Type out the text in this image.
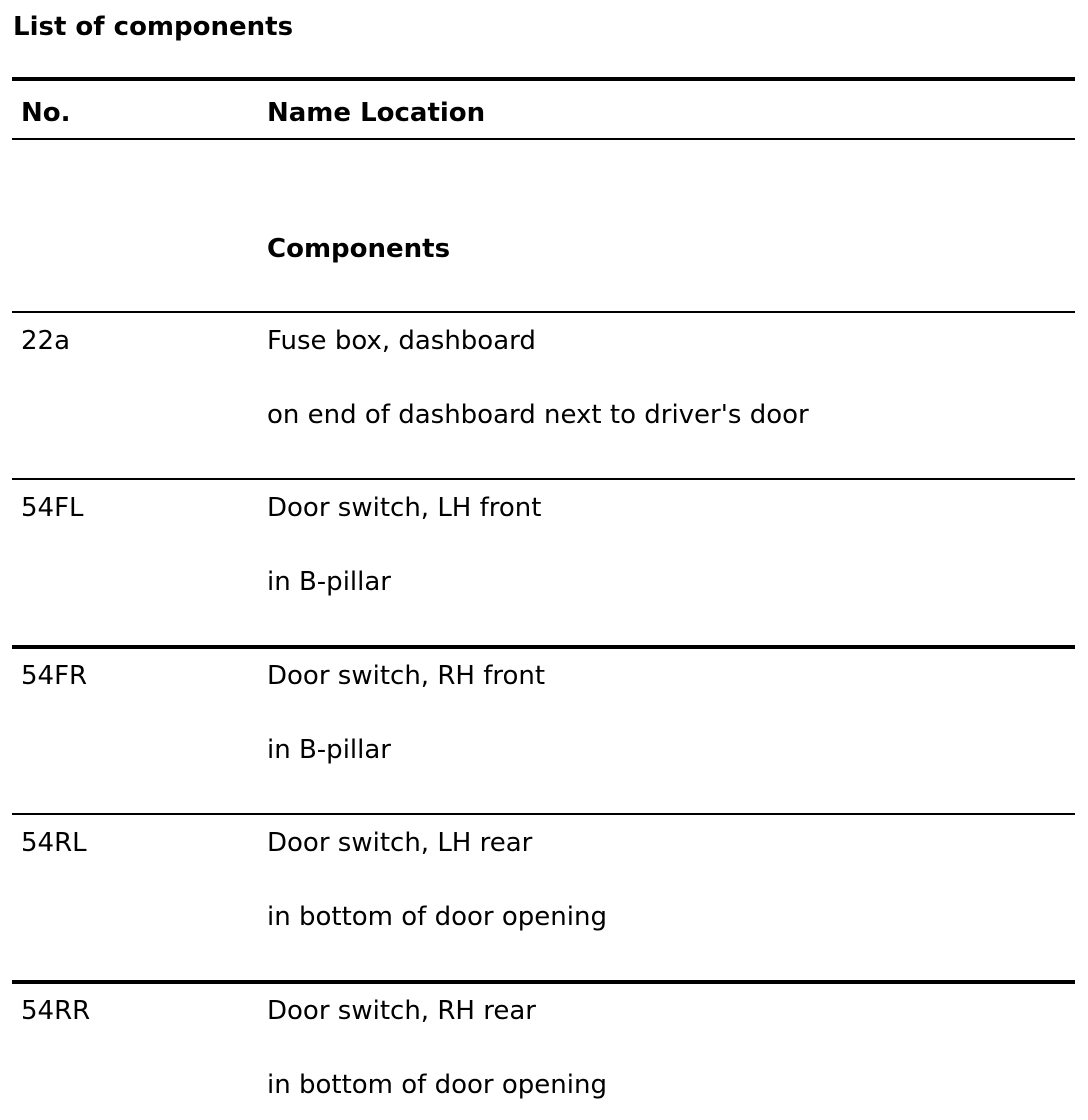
List of components
No.	Name Location
Components
22a	Fuse box, dashboard
on end of dashboard next to driver's door
54FL	Door switch, LH front
in B-pillar
54FR	Door switch, RH front
in B-pillar
54RL	Door switch, LH rear
in bottom of door opening
54RR	Door switch, RH rear
in bottom of door opening
